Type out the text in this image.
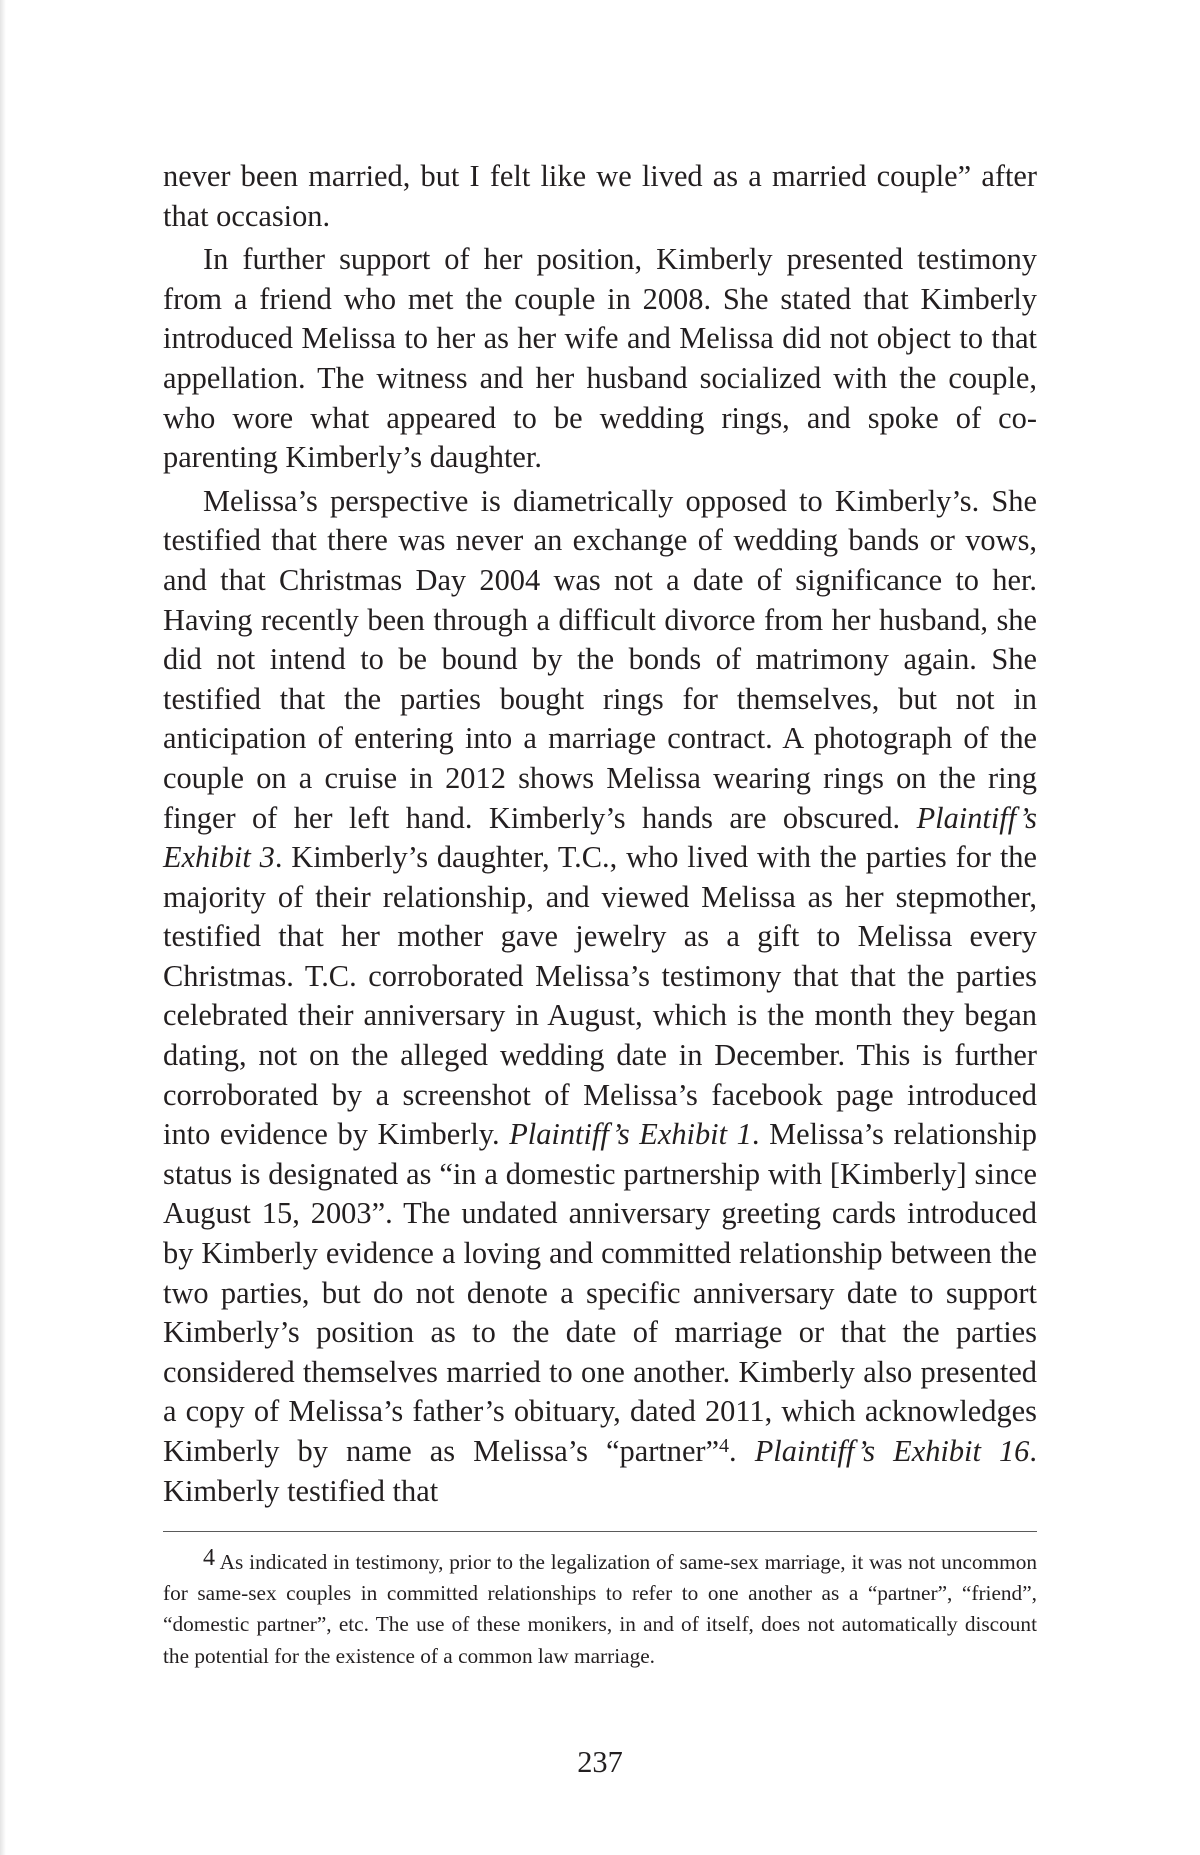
never been married, but I felt like we lived as a married couple” after that occasion.

In further support of her position, Kimberly presented testimony from a friend who met the couple in 2008. She stated that Kimberly introduced Melissa to her as her wife and Melissa did not object to that appellation. The witness and her husband socialized with the couple, who wore what appeared to be wedding rings, and spoke of co-parenting Kimberly’s daughter.

Melissa’s perspective is diametrically opposed to Kimberly’s. She testified that there was never an exchange of wedding bands or vows, and that Christmas Day 2004 was not a date of significance to her. Having recently been through a difficult divorce from her husband, she did not intend to be bound by the bonds of matrimony again. She testified that the parties bought rings for themselves, but not in anticipation of entering into a marriage contract. A photograph of the couple on a cruise in 2012 shows Melissa wearing rings on the ring finger of her left hand. Kimberly’s hands are obscured. Plaintiff’s Exhibit 3. Kimberly’s daughter, T.C., who lived with the parties for the majority of their relationship, and viewed Melissa as her stepmother, testified that her mother gave jewelry as a gift to Melissa every Christmas. T.C. corroborated Melissa’s testimony that that the parties celebrated their anniversary in August, which is the month they began dating, not on the alleged wedding date in December. This is further corroborated by a screenshot of Melissa’s facebook page introduced into evidence by Kimberly. Plaintiff’s Exhibit 1. Melissa’s relationship status is designated as “in a domestic partnership with [Kimberly] since August 15, 2003”. The undated anniversary greeting cards introduced by Kimberly evidence a loving and committed relationship between the two parties, but do not denote a specific anniversary date to support Kimberly’s position as to the date of marriage or that the parties considered themselves married to one another. Kimberly also presented a copy of Melissa’s father’s obituary, dated 2011, which acknowledges Kimberly by name as Melissa’s “partner”$^4$. Plaintiff’s Exhibit 16. Kimberly testified that

4 As indicated in testimony, prior to the legalization of same-sex marriage, it was not uncommon for same-sex couples in committed relationships to refer to one another as a “partner”, “friend”, “domestic partner”, etc. The use of these monikers, in and of itself, does not automatically discount the potential for the existence of a common law marriage.

237
